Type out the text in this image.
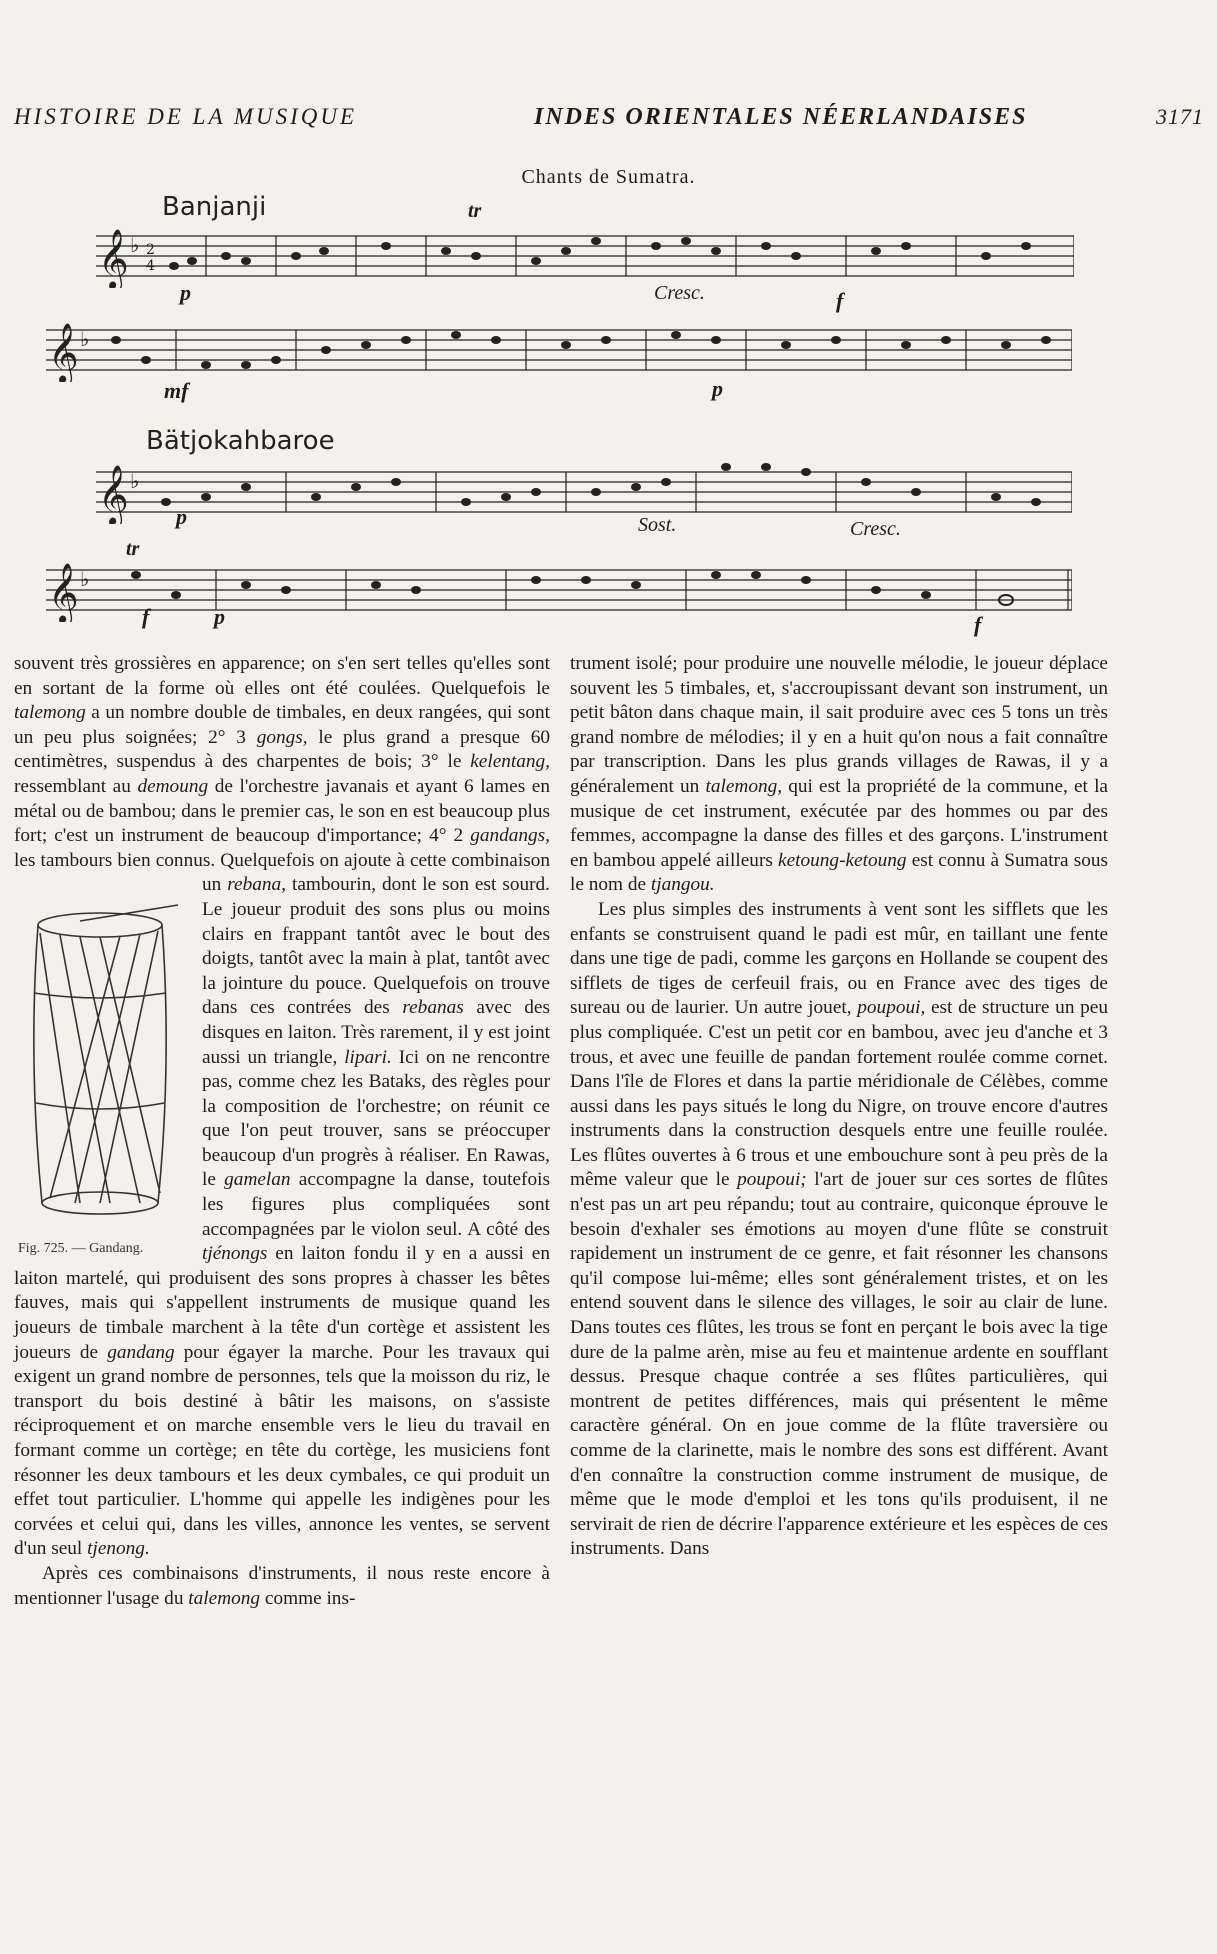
HISTOIRE DE LA MUSIQUE	INDES ORIENTALES NÉERLANDAISES	3171
Chants de Sumatra.
Banjanji
𝄞 ♭ 2
4
p
tr
Cresc.	f
𝄞 ♭
mf	p
Bätjokahbaroe
𝄞 ♭
p	Sost.	Cresc.
𝄞 ♭
tr
f	p	f

souvent très grossières en apparence; on s'en sert telles qu'elles sont en sortant de la forme où elles ont été coulées. Quelquefois le talemong a un nombre double de timbales, en deux rangées, qui sont un peu plus soignées; 2° 3 gongs, le plus grand a presque 60 centimètres, suspendus à des charpentes de bois; 3° le kelentang, ressemblant au demoung de l'orchestre javanais et ayant 6 lames en métal ou de bambou; dans le premier cas, le son en est beaucoup plus fort; c'est un instrument de beaucoup d'importance; 4° 2 gandangs, les tambours bien connus. Quelquefois on ajoute à cette combinaison un
Fig. 725. — Gandang.
rebana, tambourin, dont le son est sourd. Le joueur produit des sons plus ou moins clairs en frappant tantôt avec le bout des doigts, tantôt avec la main à plat, tantôt avec la jointure du pouce. Quelquefois on trouve dans ces contrées des rebanas avec des disques en laiton. Très rarement, il y est joint aussi un triangle, lipari. Ici on ne rencontre pas, comme chez les Bataks, des règles pour la composition de l'orchestre; on réunit ce que l'on peut trouver, sans se préoccuper beaucoup d'un progrès à réaliser. En Rawas, le gamelan accompagne la danse, toutefois les figures plus compliquées sont accompagnées par le violon seul. A côté des tjénongs en laiton fondu il y en a aussi en laiton martelé, qui produisent des sons propres à chasser les bêtes fauves, mais qui s'appellent instruments de musique quand les joueurs de timbale marchent à la tête d'un cortège et assistent les joueurs de gandang pour égayer la marche. Pour les travaux qui exigent un grand nombre de personnes, tels que la moisson du riz, le transport du bois destiné à bâtir les maisons, on s'assiste réciproquement et on marche ensemble vers le lieu du travail en formant comme un cortège; en tête du cortège, les musiciens font résonner les deux tambours et les deux cymbales, ce qui produit un effet tout particulier. L'homme qui appelle les indigènes pour les corvées et celui qui, dans les villes, annonce les ventes, se servent d'un seul tjenong.

Après ces combinaisons d'instruments, il nous reste encore à mentionner l'usage du talemong comme ins-

trument isolé; pour produire une nouvelle mélodie, le joueur déplace souvent les 5 timbales, et, s'accroupissant devant son instrument, un petit bâton dans chaque main, il sait produire avec ces 5 tons un très grand nombre de mélodies; il y en a huit qu'on nous a fait connaître par transcription. Dans les plus grands villages de Rawas, il y a généralement un talemong, qui est la propriété de la commune, et la musique de cet instrument, exécutée par des hommes ou par des femmes, accompagne la danse des filles et des garçons. L'instrument en bambou appelé ailleurs ketoung-ketoung est connu à Sumatra sous le nom de tjangou.

Les plus simples des instruments à vent sont les sifflets que les enfants se construisent quand le padi est mûr, en taillant une fente dans une tige de padi, comme les garçons en Hollande se coupent des sifflets de tiges de cerfeuil frais, ou en France avec des tiges de sureau ou de laurier. Un autre jouet, poupoui, est de structure un peu plus compliquée. C'est un petit cor en bambou, avec jeu d'anche et 3 trous, et avec une feuille de pandan fortement roulée comme cornet. Dans l'île de Flores et dans la partie méridionale de Célèbes, comme aussi dans les pays situés le long du Nigre, on trouve encore d'autres instruments dans la construction desquels entre une feuille roulée. Les flûtes ouvertes à 6 trous et une embouchure sont à peu près de la même valeur que le poupoui; l'art de jouer sur ces sortes de flûtes n'est pas un art peu répandu; tout au contraire, quiconque éprouve le besoin d'exhaler ses émotions au moyen d'une flûte se construit rapidement un instrument de ce genre, et fait résonner les chansons qu'il compose lui-même; elles sont généralement tristes, et on les entend souvent dans le silence des villages, le soir au clair de lune. Dans toutes ces flûtes, les trous se font en perçant le bois avec la tige dure de la palme arèn, mise au feu et maintenue ardente en soufflant dessus. Presque chaque contrée a ses flûtes particulières, qui montrent de petites différences, mais qui présentent le même caractère général. On en joue comme de la flûte traversière ou comme de la clarinette, mais le nombre des sons est différent. Avant d'en connaître la construction comme instrument de musique, de même que le mode d'emploi et les tons qu'ils produisent, il ne servirait de rien de décrire l'apparence extérieure et les espèces de ces instruments. Dans
